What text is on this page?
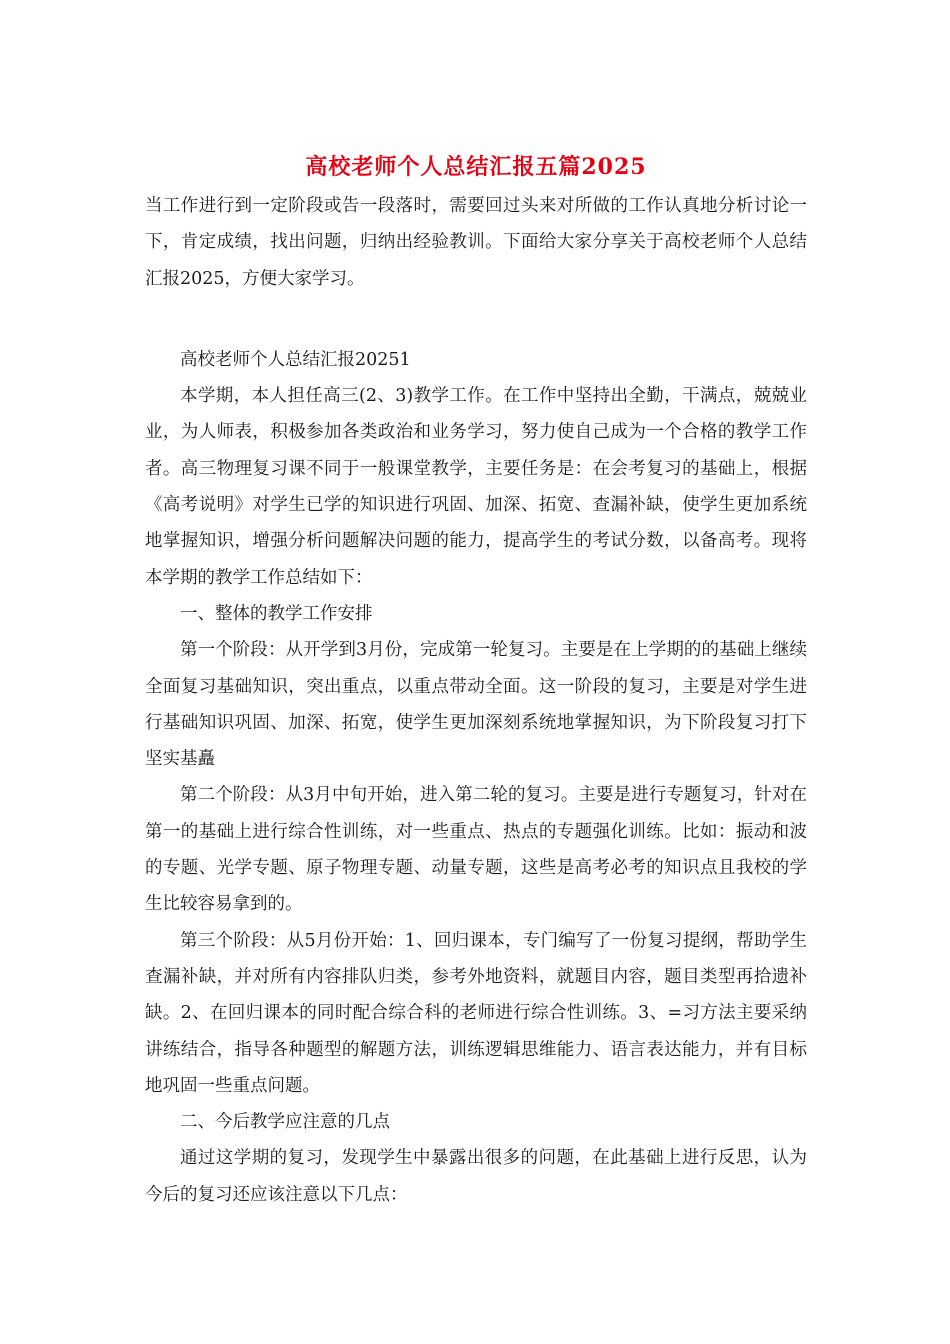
高校老师个人总结汇报五篇2025

当工作进行到一定阶段或告一段落时，需要回过头来对所做的工作认真地分析讨论一下，肯定成绩，找出问题，归纳出经验教训。下面给大家分享关于高校老师个人总结汇报2025，方便大家学习。

高校老师个人总结汇报20251

本学期，本人担任高三(2、3)教学工作。在工作中坚持出全勤，干满点，兢兢业业，为人师表，积极参加各类政治和业务学习，努力使自己成为一个合格的教学工作者。高三物理复习课不同于一般课堂教学，主要任务是：在会考复习的基础上，根据《高考说明》对学生已学的知识进行巩固、加深、拓宽、查漏补缺，使学生更加系统地掌握知识，增强分析问题解决问题的能力，提高学生的考试分数，以备高考。现将本学期的教学工作总结如下：

一、整体的教学工作安排

第一个阶段：从开学到3月份，完成第一轮复习。主要是在上学期的的基础上继续全面复习基础知识，突出重点，以重点带动全面。这一阶段的复习，主要是对学生进行基础知识巩固、加深、拓宽，使学生更加深刻系统地掌握知识，为下阶段复习打下坚实基矗

第二个阶段：从3月中旬开始，进入第二轮的复习。主要是进行专题复习，针对在第一的基础上进行综合性训练，对一些重点、热点的专题强化训练。比如：振动和波的专题、光学专题、原子物理专题、动量专题，这些是高考必考的知识点且我校的学生比较容易拿到的。

第三个阶段：从5月份开始：1、回归课本，专门编写了一份复习提纲，帮助学生查漏补缺，并对所有内容排队归类，参考外地资料，就题目内容，题目类型再拾遗补缺。2、在回归课本的同时配合综合科的老师进行综合性训练。3、=习方法主要采纳讲练结合，指导各种题型的解题方法，训练逻辑思维能力、语言表达能力，并有目标地巩固一些重点问题。

二、今后教学应注意的几点

通过这学期的复习，发现学生中暴露出很多的问题，在此基础上进行反思，认为今后的复习还应该注意以下几点：
